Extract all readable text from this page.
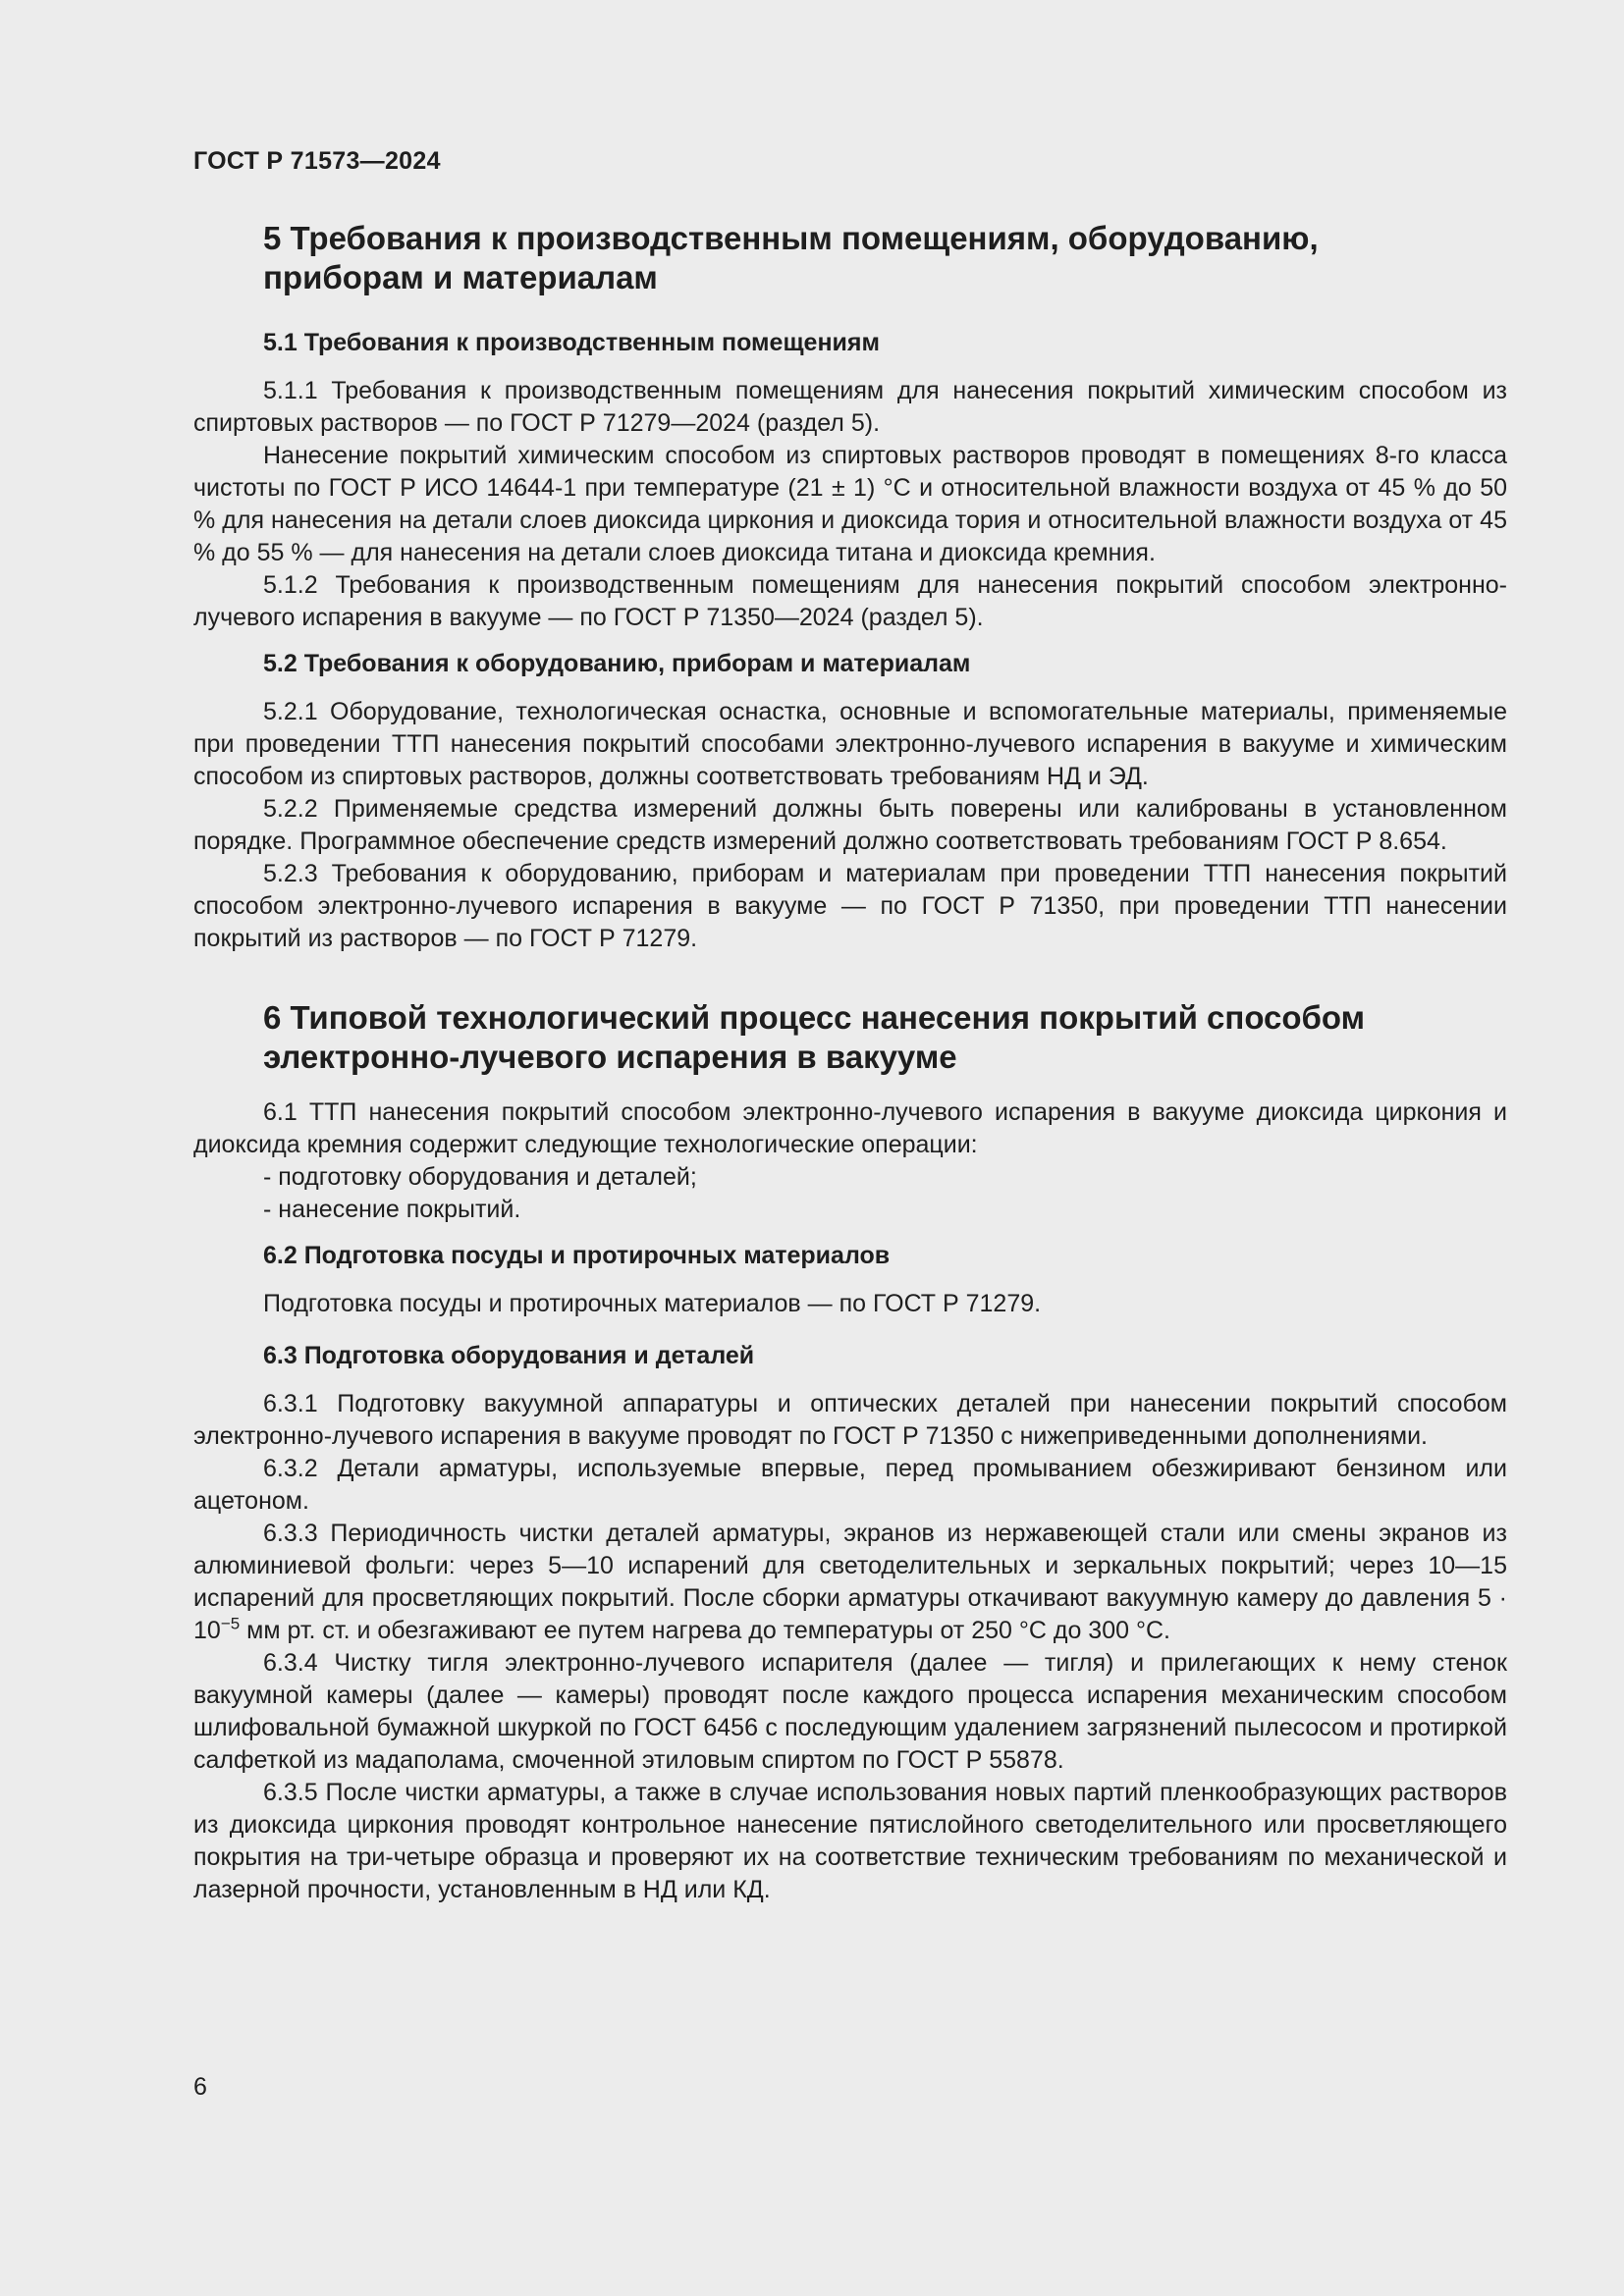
ГОСТ Р 71573—2024
5 Требования к производственным помещениям, оборудованию,
приборам и материалам
5.1 Требования к производственным помещениям

5.1.1 Требования к производственным помещениям для нанесения покрытий химическим способом из спиртовых растворов — по ГОСТ Р 71279—2024 (раздел 5).

Нанесение покрытий химическим способом из спиртовых растворов проводят в помещениях 8-го класса чистоты по ГОСТ Р ИСО 14644-1 при температуре (21 ± 1) °С и относительной влажности воздуха от 45 % до 50 % для нанесения на детали слоев диоксида циркония и диоксида тория и относительной влажности воздуха от 45 % до 55 % — для нанесения на детали слоев диоксида титана и диоксида кремния.

5.1.2 Требования к производственным помещениям для нанесения покрытий способом электронно-лучевого испарения в вакууме — по ГОСТ Р 71350—2024 (раздел 5).

5.2 Требования к оборудованию, приборам и материалам

5.2.1 Оборудование, технологическая оснастка, основные и вспомогательные материалы, применяемые при проведении ТТП нанесения покрытий способами электронно-лучевого испарения в вакууме и химическим способом из спиртовых растворов, должны соответствовать требованиям НД и ЭД.

5.2.2 Применяемые средства измерений должны быть поверены или калиброваны в установленном порядке. Программное обеспечение средств измерений должно соответствовать требованиям ГОСТ Р 8.654.

5.2.3 Требования к оборудованию, приборам и материалам при проведении ТТП нанесения покрытий способом электронно-лучевого испарения в вакууме — по ГОСТ Р 71350, при проведении ТТП нанесении покрытий из растворов — по ГОСТ Р 71279.

6 Типовой технологический процесс нанесения покрытий способом
электронно-лучевого испарения в вакууме

6.1 ТТП нанесения покрытий способом электронно-лучевого испарения в вакууме диоксида циркония и диоксида кремния содержит следующие технологические операции:

- подготовку оборудования и деталей;

- нанесение покрытий.

6.2 Подготовка посуды и протирочных материалов

Подготовка посуды и протирочных материалов — по ГОСТ Р 71279.

6.3 Подготовка оборудования и деталей

6.3.1 Подготовку вакуумной аппаратуры и оптических деталей при нанесении покрытий способом электронно-лучевого испарения в вакууме проводят по ГОСТ Р 71350 с нижеприведенными дополнениями.

6.3.2 Детали арматуры, используемые впервые, перед промыванием обезжиривают бензином или ацетоном.

6.3.3 Периодичность чистки деталей арматуры, экранов из нержавеющей стали или смены экранов из алюминиевой фольги: через 5—10 испарений для светоделительных и зеркальных покрытий; через 10—15 испарений для просветляющих покрытий. После сборки арматуры откачивают вакуумную камеру до давления $5 \cdot 10^{-5}$ мм рт. ст. и обезгаживают ее путем нагрева до температуры от 250 °С до 300 °С.

6.3.4 Чистку тигля электронно-лучевого испарителя (далее — тигля) и прилегающих к нему стенок вакуумной камеры (далее — камеры) проводят после каждого процесса испарения механическим способом шлифовальной бумажной шкуркой по ГОСТ 6456 с последующим удалением загрязнений пылесосом и протиркой салфеткой из мадаполама, смоченной этиловым спиртом по ГОСТ Р 55878.

6.3.5 После чистки арматуры, а также в случае использования новых партий пленкообразующих растворов из диоксида циркония проводят контрольное нанесение пятислойного светоделительного или просветляющего покрытия на три-четыре образца и проверяют их на соответствие техническим требованиям по механической и лазерной прочности, установленным в НД или КД.

6
